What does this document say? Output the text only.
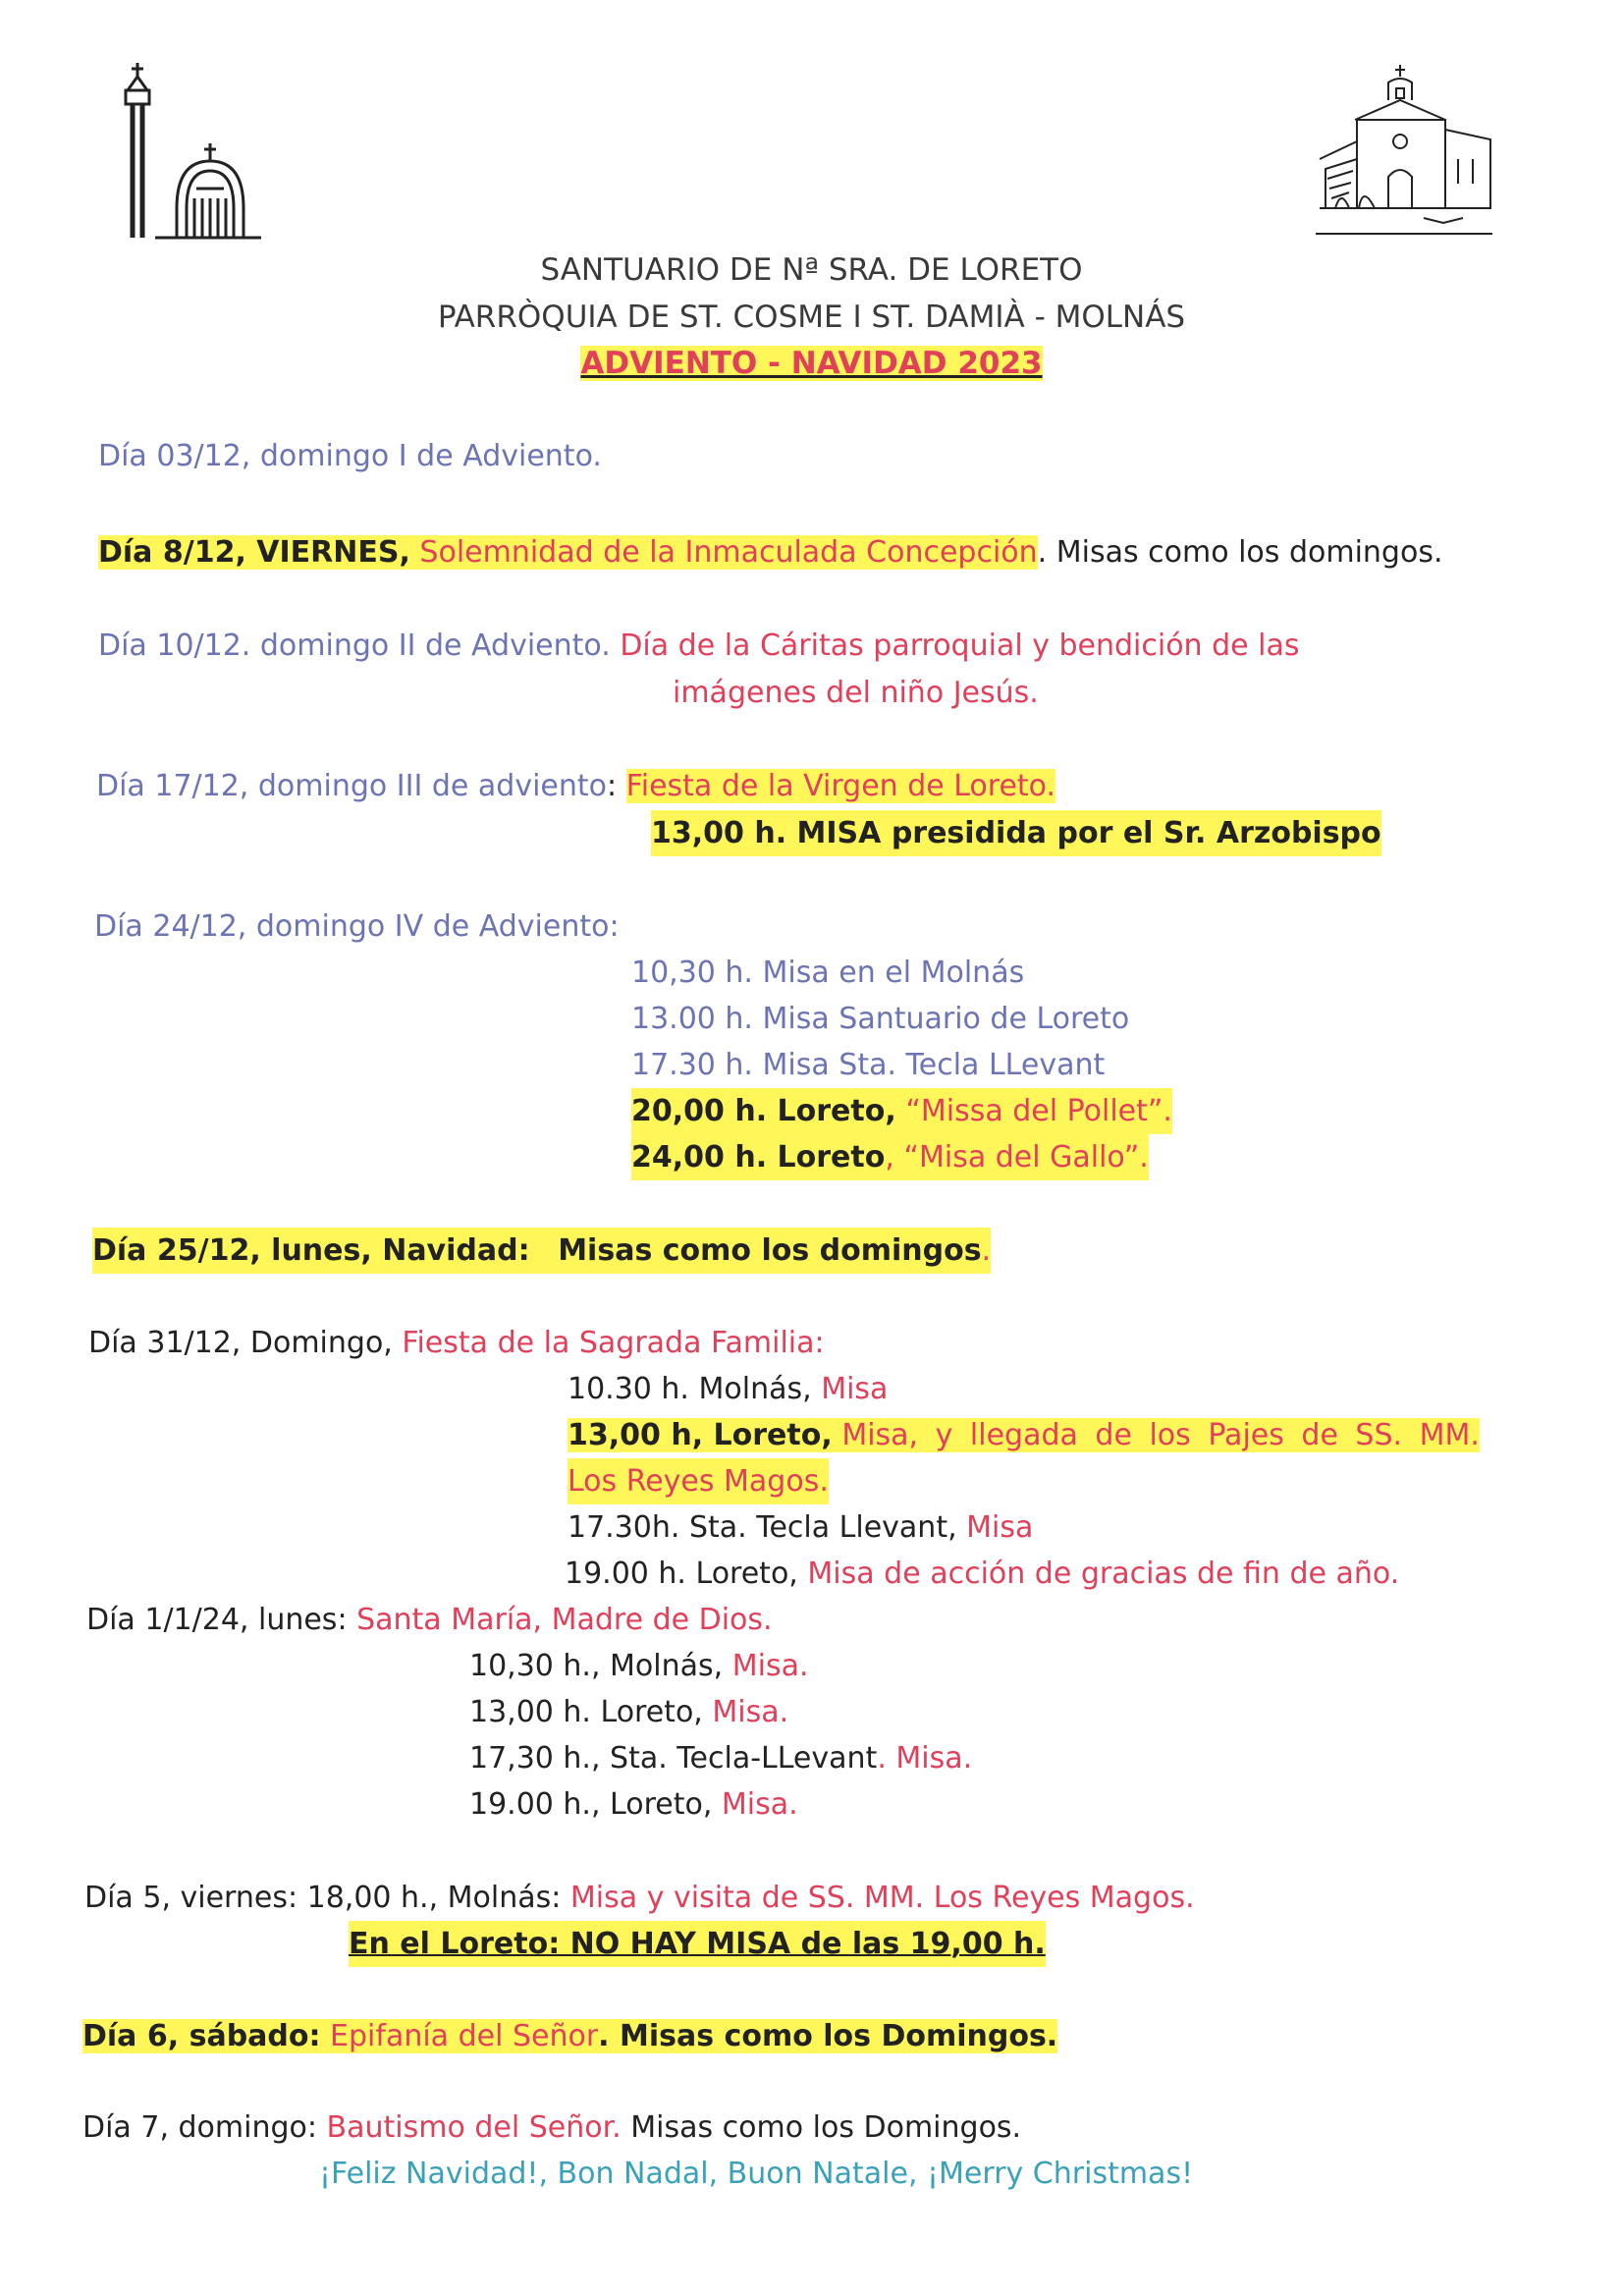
SANTUARIO DE Nª SRA. DE LORETO
PARRÒQUIA DE ST. COSME I ST. DAMIÀ - MOLNÁS
ADVIENTO - NAVIDAD 2023
Día 03/12, domingo I de Adviento.
Día 8/12, VIERNES, Solemnidad de la Inmaculada Concepción. Misas como los domingos.
Día 10/12. domingo II de Adviento. Día de la Cáritas parroquial y bendición de las
imágenes del niño Jesús.
Día 17/12, domingo III de adviento: Fiesta de la Virgen de Loreto.
13,00 h. MISA presidida por el Sr. Arzobispo
Día 24/12, domingo IV de Adviento:
10,30 h. Misa en el Molnás
13.00 h. Misa Santuario de Loreto
17.30 h. Misa Sta. Tecla LLevant
20,00 h. Loreto, “Missa del Pollet”.
24,00 h. Loreto, “Misa del Gallo”.
Día 25/12, lunes, Navidad: Misas como los domingos.
Día 31/12, Domingo, Fiesta de la Sagrada Familia:
10.30 h. Molnás, Misa
13,00 h, Loreto, Misa, y llegada de los Pajes de SS. MM.
Los Reyes Magos.
17.30h. Sta. Tecla Llevant, Misa
19.00 h. Loreto, Misa de acción de gracias de fin de año.
Día 1/1/24, lunes: Santa María, Madre de Dios.
10,30 h., Molnás, Misa.
13,00 h. Loreto, Misa.
17,30 h., Sta. Tecla-LLevant. Misa.
19.00 h., Loreto, Misa.
Día 5, viernes: 18,00 h., Molnás: Misa y visita de SS. MM. Los Reyes Magos.
En el Loreto: NO HAY MISA de las 19,00 h.
Día 6, sábado: Epifanía del Señor. Misas como los Domingos.
Día 7, domingo: Bautismo del Señor. Misas como los Domingos.
¡Feliz Navidad!, Bon Nadal, Buon Natale, ¡Merry Christmas!
